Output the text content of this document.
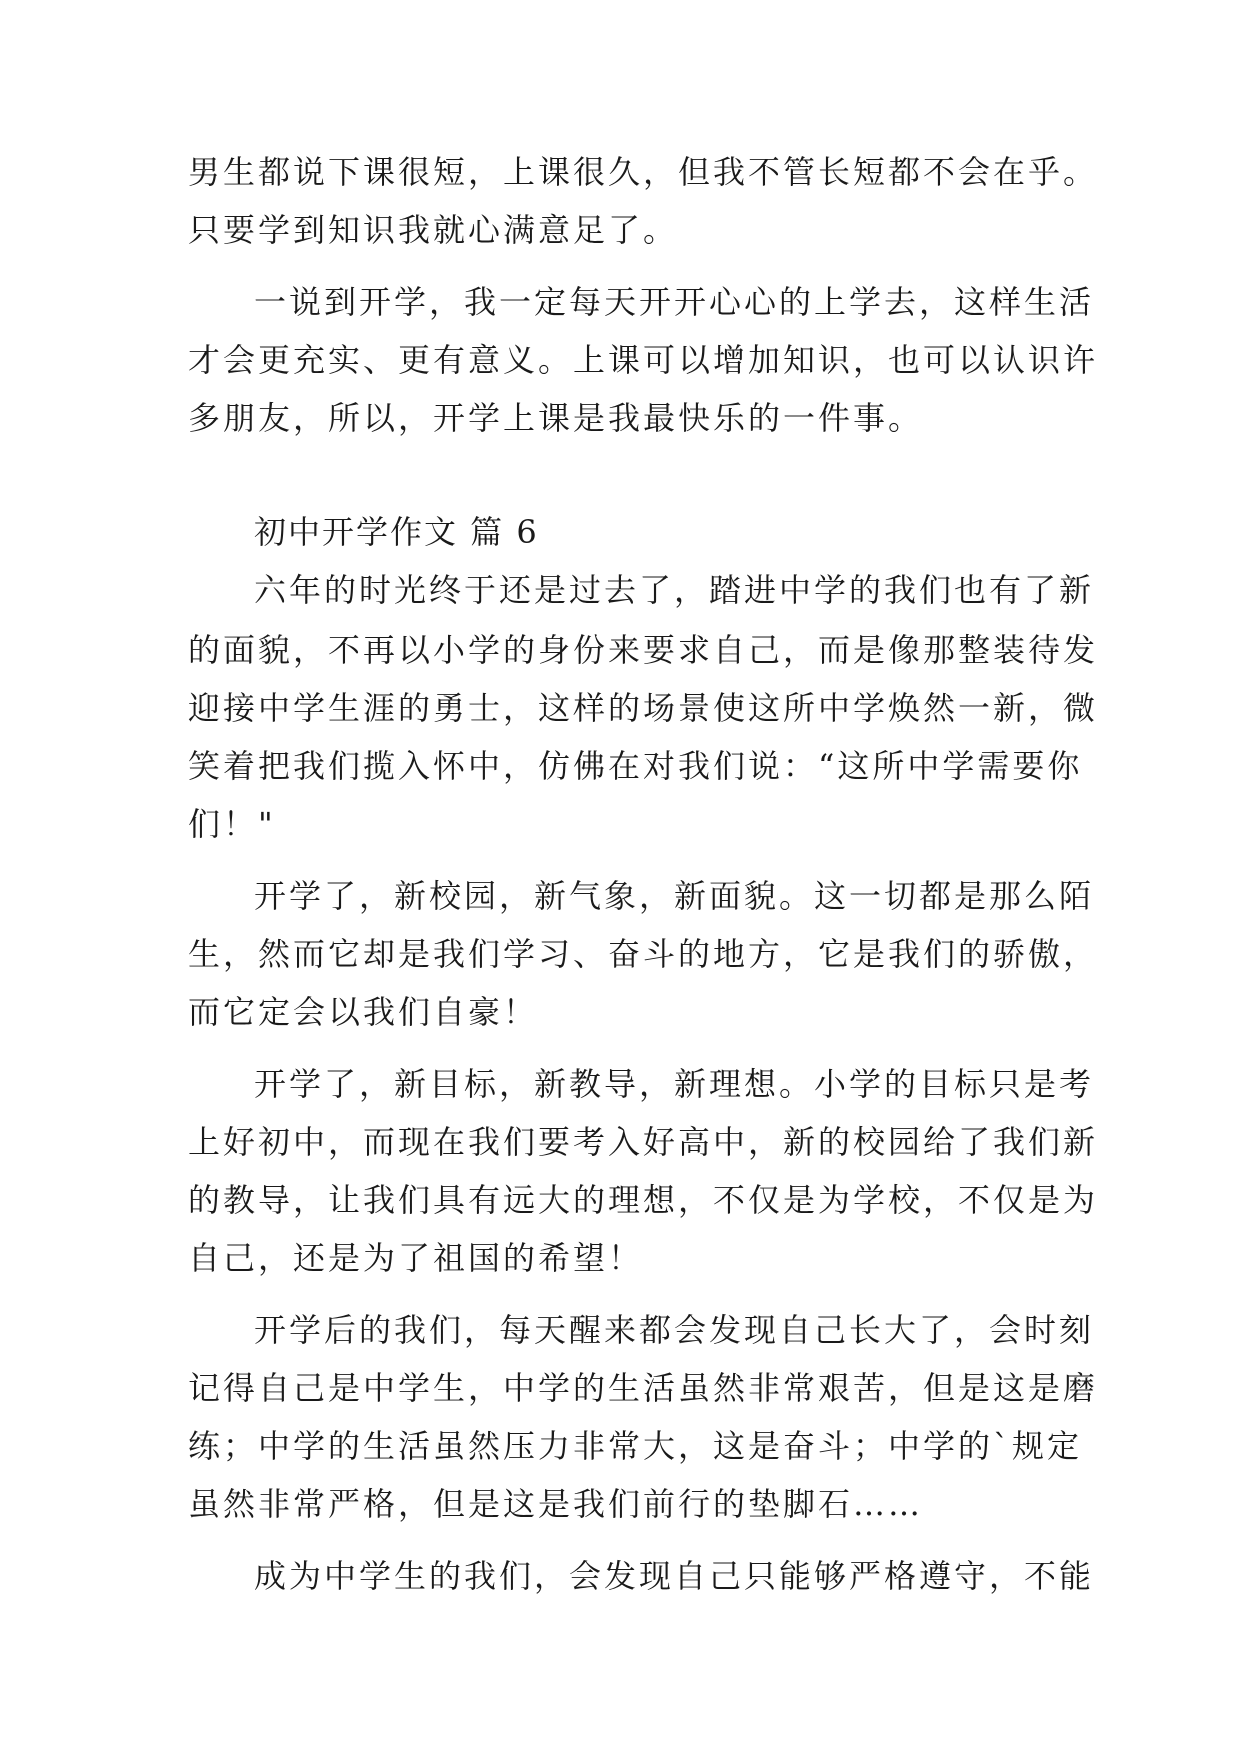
男生都说下课很短，上课很久，但我不管长短都不会在乎。
只要学到知识我就心满意足了。
一说到开学，我一定每天开开心心的上学去，这样生活
才会更充实、更有意义。上课可以增加知识，也可以认识许
多朋友，所以，开学上课是我最快乐的一件事。
初中开学作文 篇 6
六年的时光终于还是过去了，踏进中学的我们也有了新
的面貌，不再以小学的身份来要求自己，而是像那整装待发
迎接中学生涯的勇士，这样的场景使这所中学焕然一新，微
笑着把我们揽入怀中，仿佛在对我们说：“这所中学需要你
们！"
开学了，新校园，新气象，新面貌。这一切都是那么陌
生，然而它却是我们学习、奋斗的地方，它是我们的骄傲，
而它定会以我们自豪！
开学了，新目标，新教导，新理想。小学的目标只是考
上好初中，而现在我们要考入好高中，新的校园给了我们新
的教导，让我们具有远大的理想，不仅是为学校，不仅是为
自己，还是为了祖国的希望！
开学后的我们，每天醒来都会发现自己长大了，会时刻
记得自己是中学生，中学的生活虽然非常艰苦，但是这是磨
练；中学的生活虽然压力非常大，这是奋斗；中学的`规定
虽然非常严格，但是这是我们前行的垫脚石……
成为中学生的我们，会发现自己只能够严格遵守，不能
